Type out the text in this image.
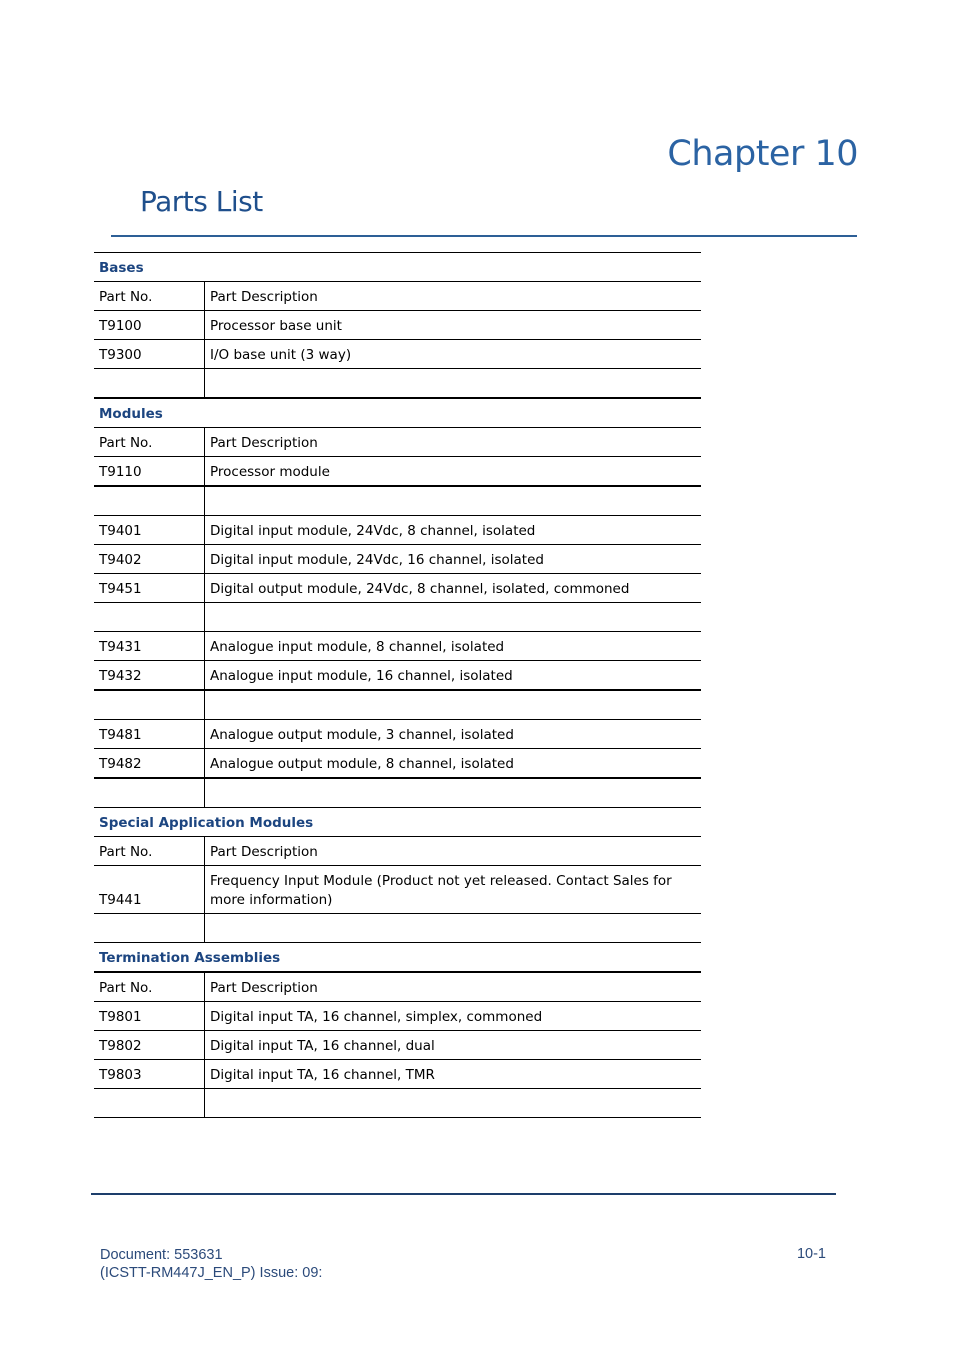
Chapter 10
Parts List
Bases	
Part No.	Part Description
T9100	Processor base unit
T9300	I/O base unit (3 way)

Modules	
Part No.	Part Description
T9110	Processor module

T9401	Digital input module, 24Vdc, 8 channel, isolated
T9402	Digital input module, 24Vdc, 16 channel, isolated
T9451	Digital output module, 24Vdc, 8 channel, isolated, commoned

T9431	Analogue input module, 8 channel, isolated
T9432	Analogue input module, 16 channel, isolated

T9481	Analogue output module, 3 channel, isolated
T9482	Analogue output module, 8 channel, isolated

Special Application Modules	
Part No.	Part Description
T9441	Frequency Input Module (Product not yet released. Contact Sales for more information)

Termination Assemblies	
Part No.	Part Description
T9801	Digital input TA, 16 channel, simplex, commoned
T9802	Digital input TA, 16 channel, dual
T9803	Digital input TA, 16 channel, TMR

Document: 553631
(ICSTT-RM447J_EN_P) Issue: 09:
10-1
